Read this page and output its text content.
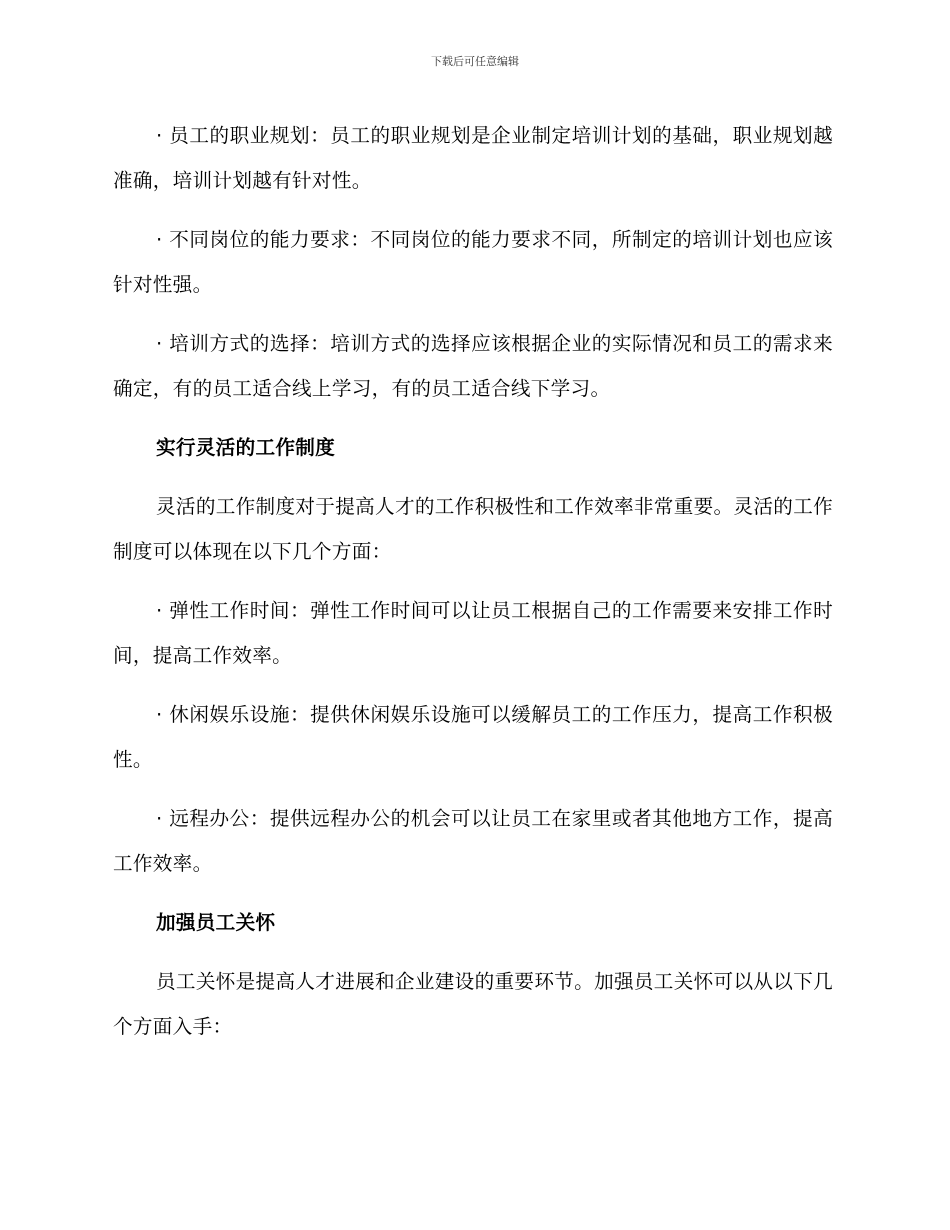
下载后可任意编辑

· 员工的职业规划：员工的职业规划是企业制定培训计划的基础，职业规划越准确，培训计划越有针对性。

· 不同岗位的能力要求：不同岗位的能力要求不同，所制定的培训计划也应该针对性强。

· 培训方式的选择：培训方式的选择应该根据企业的实际情况和员工的需求来确定，有的员工适合线上学习，有的员工适合线下学习。

实行灵活的工作制度

灵活的工作制度对于提高人才的工作积极性和工作效率非常重要。灵活的工作制度可以体现在以下几个方面：

· 弹性工作时间：弹性工作时间可以让员工根据自己的工作需要来安排工作时间，提高工作效率。

· 休闲娱乐设施：提供休闲娱乐设施可以缓解员工的工作压力，提高工作积极性。

· 远程办公：提供远程办公的机会可以让员工在家里或者其他地方工作，提高工作效率。

加强员工关怀

员工关怀是提高人才进展和企业建设的重要环节。加强员工关怀可以从以下几个方面入手：
